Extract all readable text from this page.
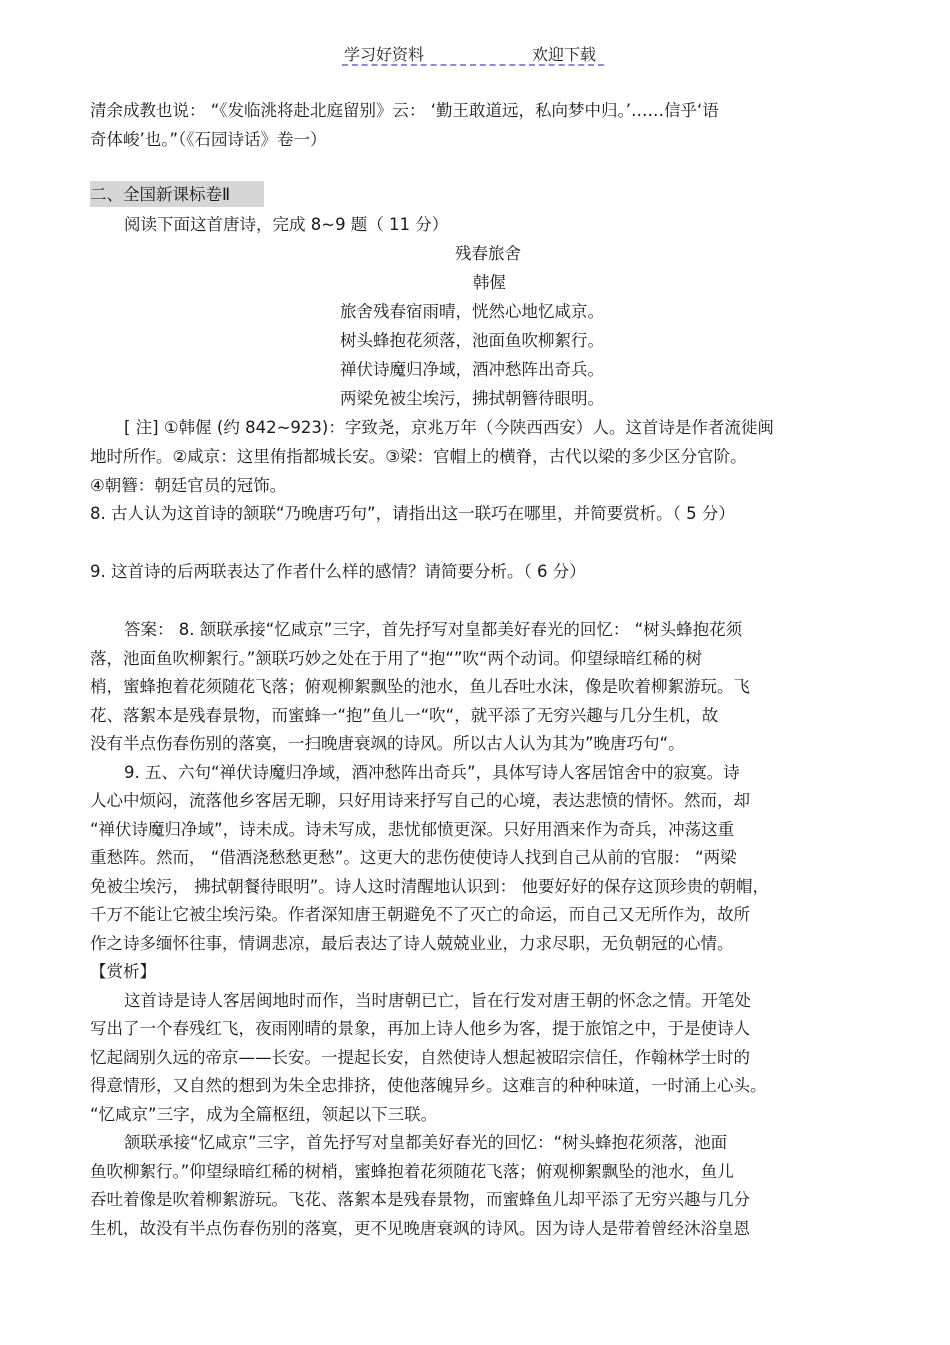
学习好资料	欢迎下载
清余成教也说： “《发临洮将赴北庭留别》云： ‘勤王敢道远，私向梦中归。’……信乎‘语
奇体峻’也。”（《石园诗话》卷一）
二、全国新课标卷Ⅱ
阅读下面这首唐诗，完成 8~9 题（ 11 分）
残春旅舍
韩偓
旅舍残春宿雨晴，恍然心地忆咸京。
树头蜂抱花须落，池面鱼吹柳絮行。
禅伏诗魔归净域，酒冲愁阵出奇兵。
两梁免被尘埃污，拂拭朝簪待眼明。
[ 注] ①韩偓 (约 842~923)：字致尧，京兆万年（今陕西西安）人。这首诗是作者流徙闽
地时所作。②咸京：这里侑指都城长安。③梁：官帽上的横脊，古代以梁的多少区分官阶。
④朝簪：朝廷官员的冠饰。
8. 古人认为这首诗的颔联“乃晚唐巧句”，请指出这一联巧在哪里，并简要赏析。（ 5 分）
9. 这首诗的后两联表达了作者什么样的感情？请简要分析。（ 6 分）
答案： 8. 颔联承接“忆咸京”三字，首先抒写对皇都美好春光的回忆： “树头蜂抱花须
落，池面鱼吹柳絮行。”颔联巧妙之处在于用了“抱“”吹“两个动词。仰望绿暗红稀的树
梢，蜜蜂抱着花须随花飞落；俯观柳絮飘坠的池水，鱼儿吞吐水沫，像是吹着柳絮游玩。飞
花、落絮本是残春景物，而蜜蜂一“抱”鱼儿一“吹“，就平添了无穷兴趣与几分生机，故
没有半点伤春伤别的落寞，一扫晚唐衰飒的诗风。所以古人认为其为”晚唐巧句“。
9. 五、六句“禅伏诗魔归净域，酒冲愁阵出奇兵”，具体写诗人客居馆舍中的寂寞。诗
人心中烦闷，流落他乡客居无聊，只好用诗来抒写自己的心境，表达悲愤的情怀。然而，却
“禅伏诗魔归净域”，诗未成。诗未写成，悲忧郁愤更深。只好用酒来作为奇兵，冲荡这重
重愁阵。然而， “借酒浇愁愁更愁”。这更大的悲伤使使诗人找到自己从前的官服： “两梁
免被尘埃污， 拂拭朝餐待眼明”。诗人这时清醒地认识到： 他要好好的保存这顶珍贵的朝帽，
千万不能让它被尘埃污染。作者深知唐王朝避免不了灭亡的命运，而自己又无所作为，故所
作之诗多缅怀往事，情调悲凉，最后表达了诗人兢兢业业，力求尽职，无负朝冠的心情。
【赏析】
这首诗是诗人客居闽地时而作，当时唐朝已亡，旨在行发对唐王朝的怀念之情。开笔处
写出了一个春残红飞，夜雨刚晴的景象，再加上诗人他乡为客，提于旅馆之中，于是使诗人
忆起阔别久远的帝京——长安。一提起长安，自然使诗人想起被昭宗信任，作翰林学士时的
得意情形，又自然的想到为朱全忠排挤，使他落魄异乡。这难言的种种味道，一时涌上心头。
“忆咸京”三字，成为全篇枢纽，领起以下三联。
颔联承接“忆咸京”三字，首先抒写对皇都美好春光的回忆：“树头蜂抱花须落，池面
鱼吹柳絮行。”仰望绿暗红稀的树梢，蜜蜂抱着花须随花飞落；俯观柳絮飘坠的池水，鱼儿
吞吐着像是吹着柳絮游玩。飞花、落絮本是残春景物，而蜜蜂鱼儿却平添了无穷兴趣与几分
生机，故没有半点伤春伤别的落寞，更不见晚唐衰飒的诗风。因为诗人是带着曾经沐浴皇恩
